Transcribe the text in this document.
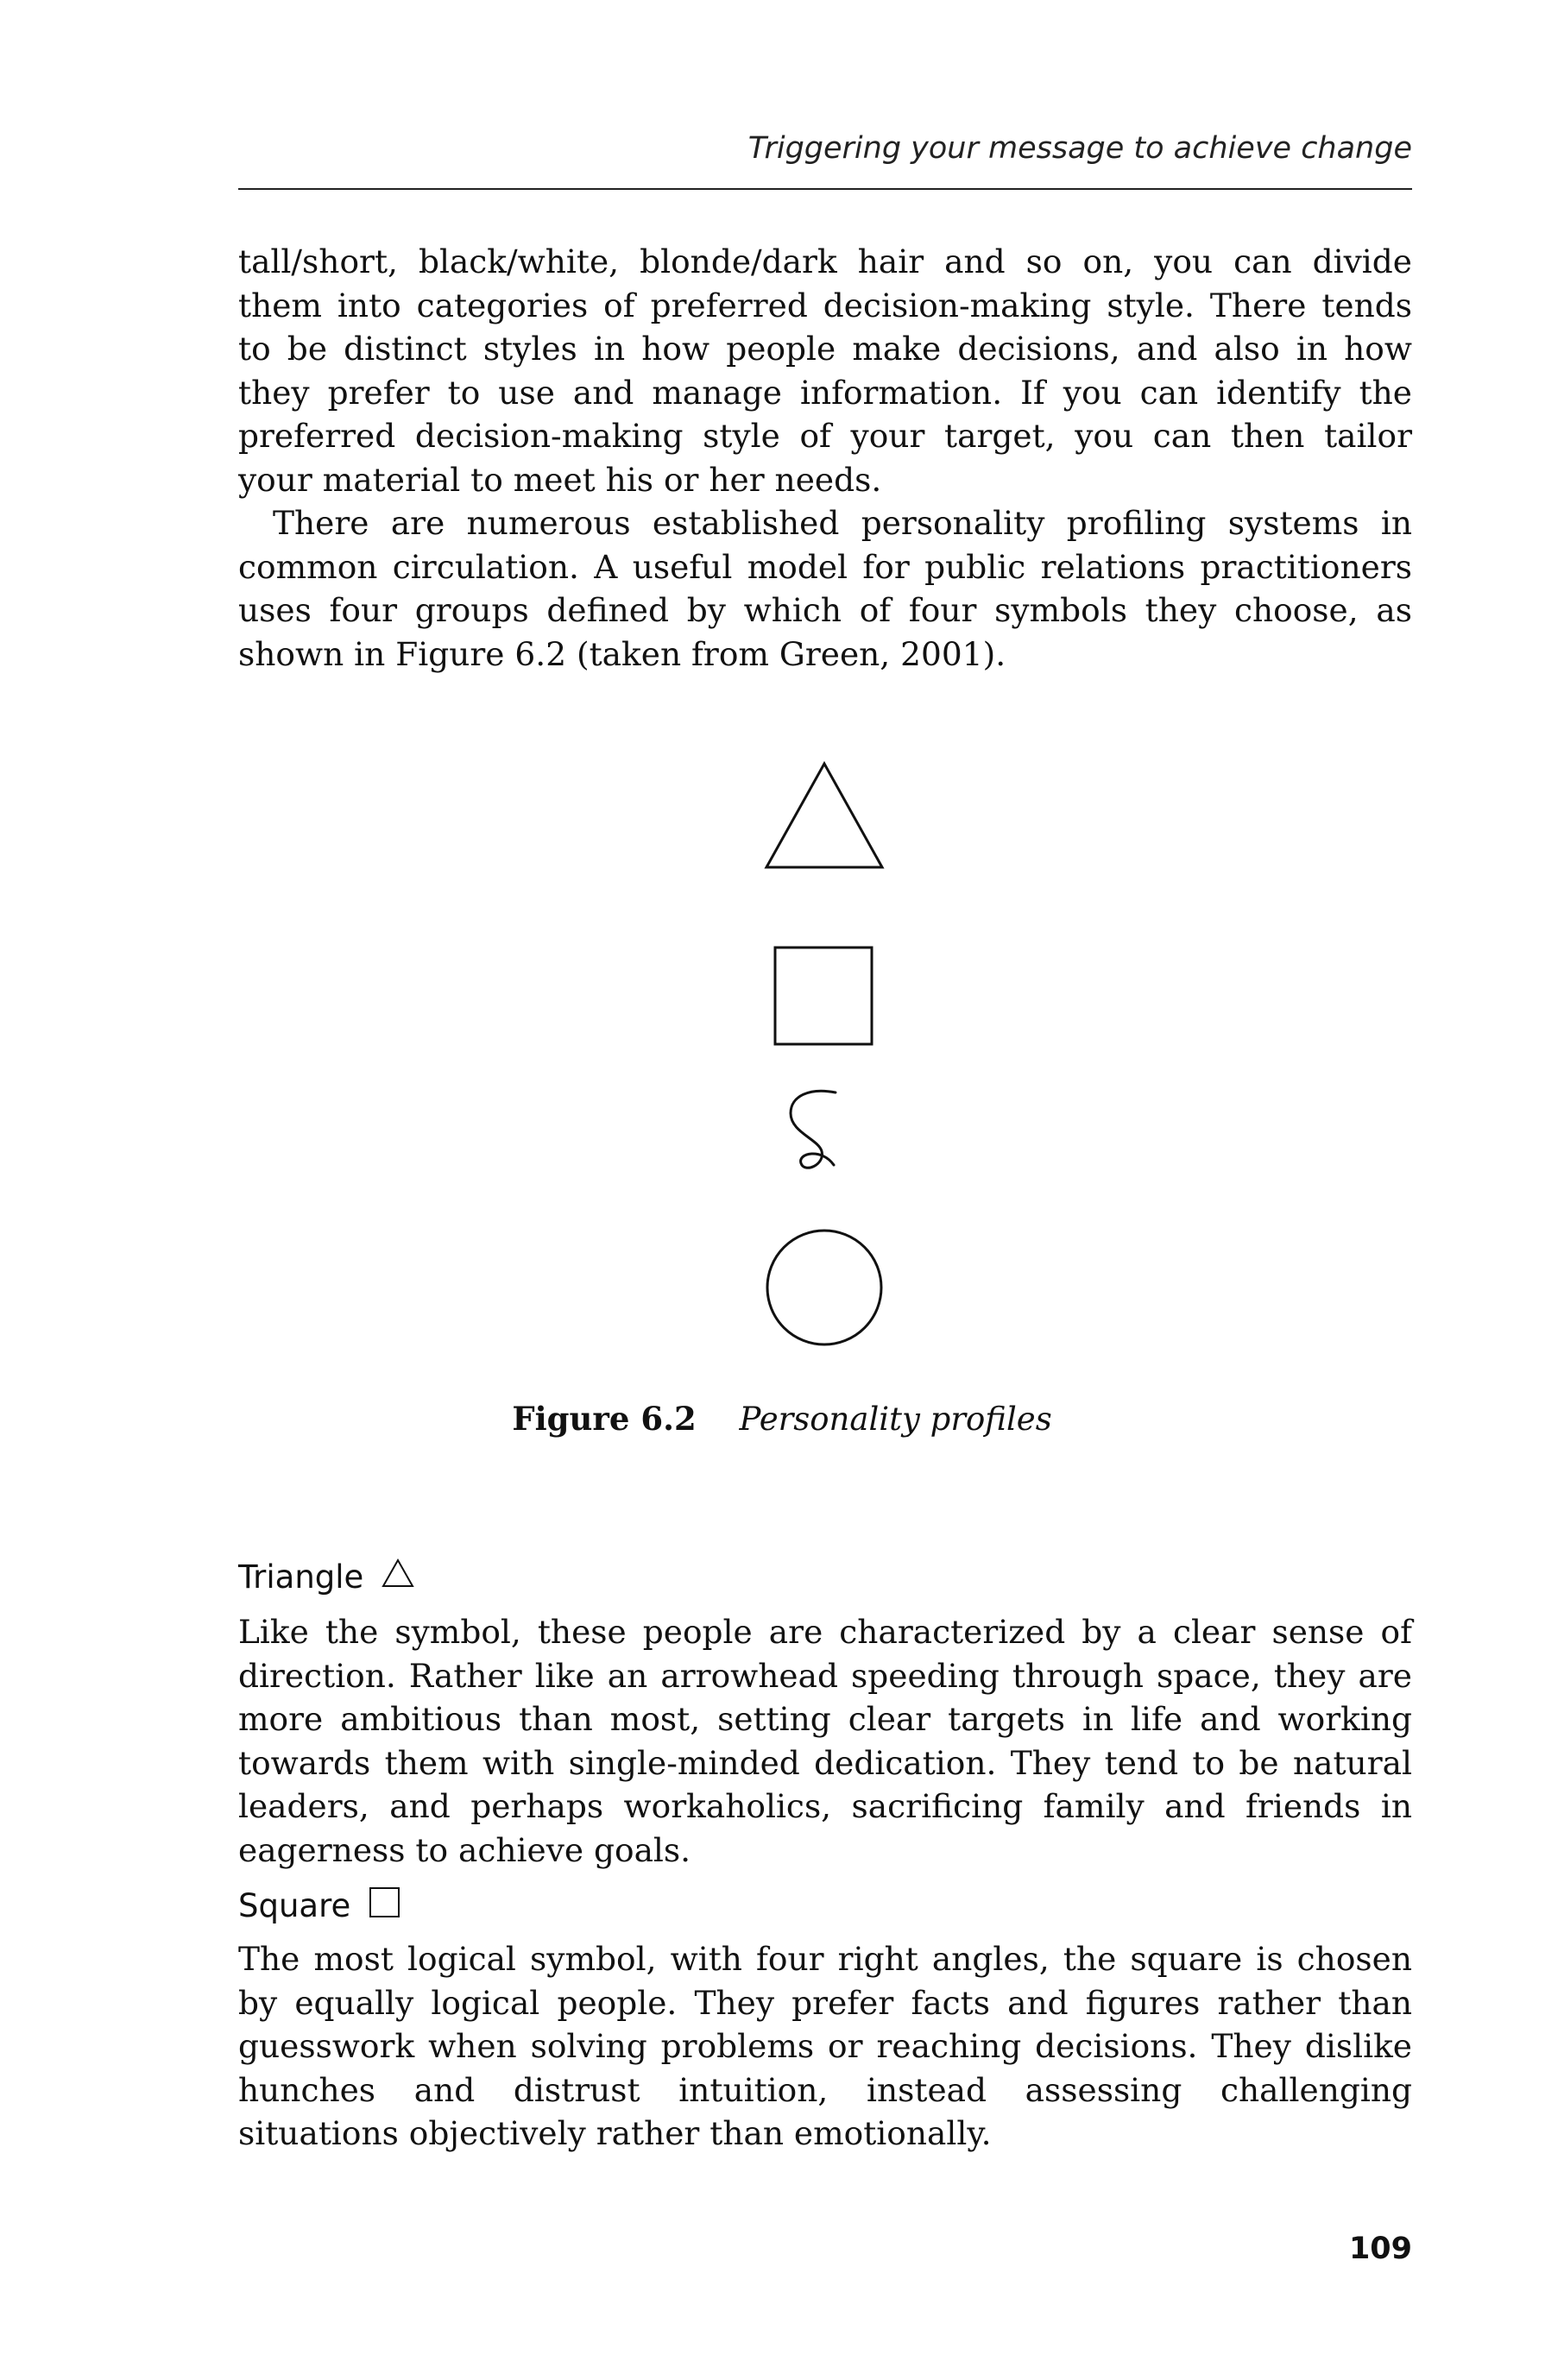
Triggering your message to achieve change

tall/short, black/white, blonde/dark hair and so on, you can divide them into categories of preferred decision-making style. There tends to be distinct styles in how people make decisions, and also in how they prefer to use and manage information. If you can identify the preferred decision-making style of your target, you can then tailor your material to meet his or her needs.

There are numerous established personality profiling systems in common circulation. A useful model for public relations practitioners uses four groups defined by which of four symbols they choose, as shown in Figure 6.2 (taken from Green, 2001).

Figure 6.2 Personality profiles
Triangle

Like the symbol, these people are characterized by a clear sense of direction. Rather like an arrowhead speeding through space, they are more ambitious than most, setting clear targets in life and working towards them with single-minded dedication. They tend to be natural leaders, and perhaps workaholics, sacrificing family and friends in eagerness to achieve goals.

Square

The most logical symbol, with four right angles, the square is chosen by equally logical people. They prefer facts and figures rather than guesswork when solving problems or reaching decisions. They dislike hunches and distrust intuition, instead assessing challenging situations objectively rather than emotionally.

109
